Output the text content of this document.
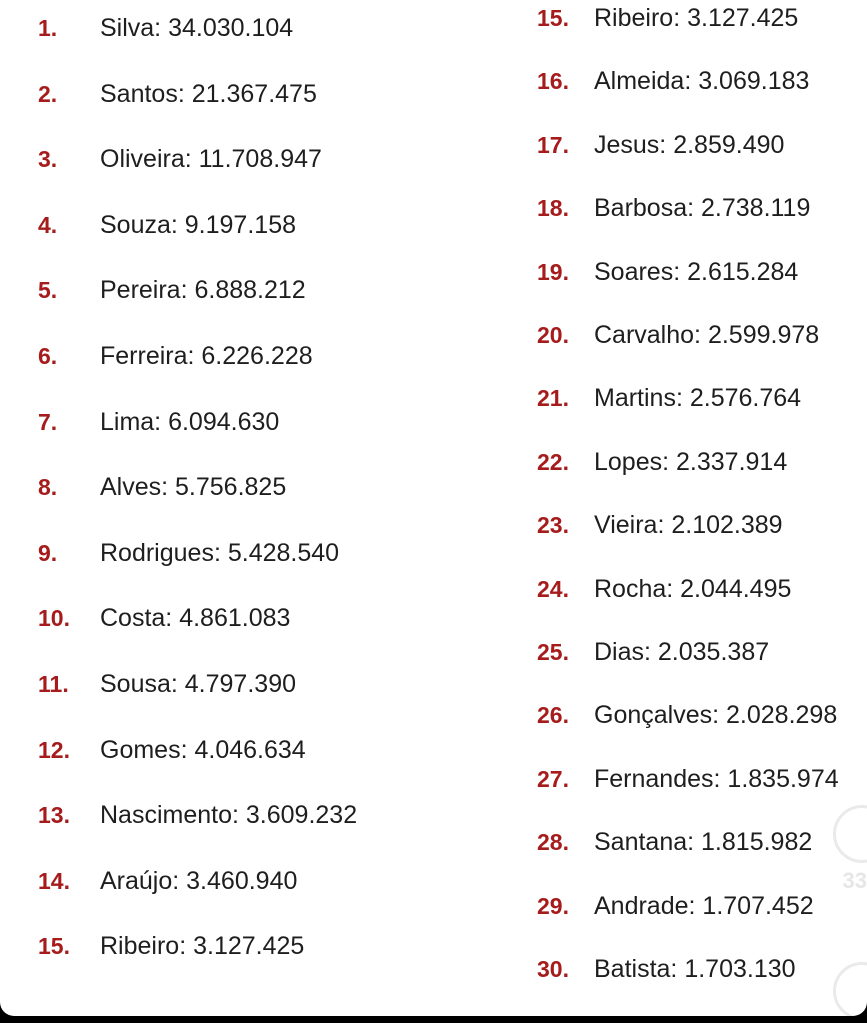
1.	Silva: 34.030.104
2.	Santos: 21.367.475
3.	Oliveira: 11.708.947
4.	Souza: 9.197.158
5.	Pereira: 6.888.212
6.	Ferreira: 6.226.228
7.	Lima: 6.094.630
8.	Alves: 5.756.825
9.	Rodrigues: 5.428.540
10.	Costa: 4.861.083
11.	Sousa: 4.797.390
12.	Gomes: 4.046.634
13.	Nascimento: 3.609.232
14.	Araújo: 3.460.940
15.	Ribeiro: 3.127.425
15.	Ribeiro: 3.127.425
16.	Almeida: 3.069.183
17.	Jesus: 2.859.490
18.	Barbosa: 2.738.119
19.	Soares: 2.615.284
20.	Carvalho: 2.599.978
21.	Martins: 2.576.764
22.	Lopes: 2.337.914
23.	Vieira: 2.102.389
24.	Rocha: 2.044.495
25.	Dias: 2.035.387
26.	Gonçalves: 2.028.298
27.	Fernandes: 1.835.974
28.	Santana: 1.815.982
29.	Andrade: 1.707.452
30.	Batista: 1.703.130
33
